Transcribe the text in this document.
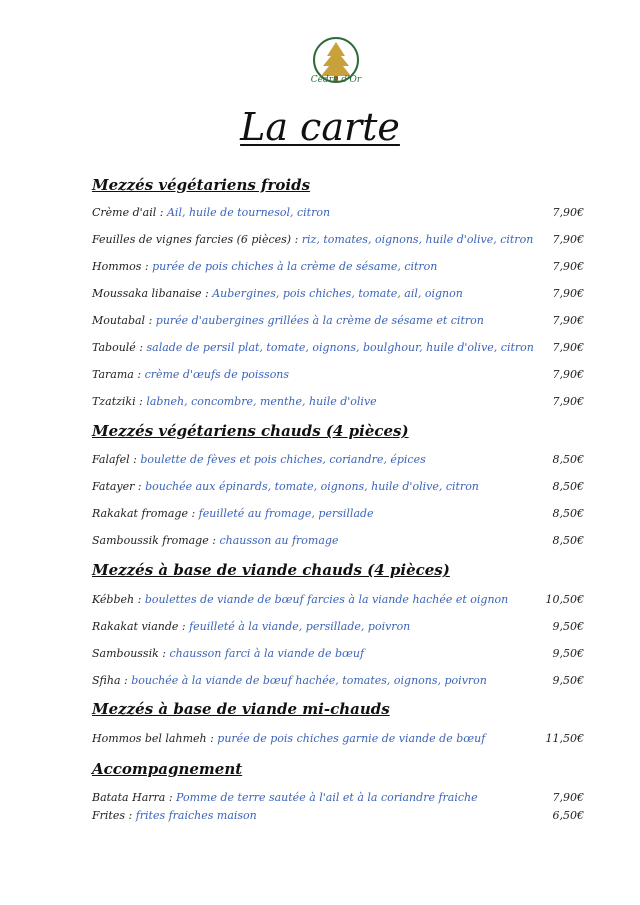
Cèdre d'Or
La carte
Mezzés végétariens froids
Crème d'ail : Ail, huile de tournesol, citron	7,90€
Feuilles de vignes farcies (6 pièces) : riz, tomates, oignons, huile d'olive, citron 7,90€
Hommos : purée de pois chiches à la crème de sésame, citron	7,90€
Moussaka libanaise : Aubergines, pois chiches, tomate, ail, oignon	7,90€
Moutabal : purée d'aubergines grillées à la crème de sésame et citron	7,90€
Taboulé : salade de persil plat, tomate, oignons, boulghour, huile d'olive, citron 7,90€
Tarama : crème d'œufs de poissons	7,90€
Tzatziki : labneh, concombre, menthe, huile d'olive	7,90€
Mezzés végétariens chauds (4 pièces)
Falafel : boulette de fèves et pois chiches, coriandre, épices	8,50€
Fatayer : bouchée aux épinards, tomate, oignons, huile d'olive, citron	8,50€
Rakakat fromage : feuilleté au fromage, persillade	8,50€
Samboussik fromage : chausson au fromage	8,50€
Mezzés à base de viande chauds (4 pièces)
Kébbeh : boulettes de viande de bœuf farcies à la viande hachée et oignon	10,50€
Rakakat viande : feuilleté à la viande, persillade, poivron	9,50€
Samboussik : chausson farci à la viande de bœuf	9,50€
Sfiha : bouchée à la viande de bœuf hachée, tomates, oignons, poivron	9,50€
Mezzés à base de viande mi-chauds
Hommos bel lahmeh : purée de pois chiches garnie de viande de bœuf	11,50€
Accompagnement
Batata Harra : Pomme de terre sautée à l'ail et à la coriandre fraiche	7,90€
Frites : frites fraiches maison	6,50€
